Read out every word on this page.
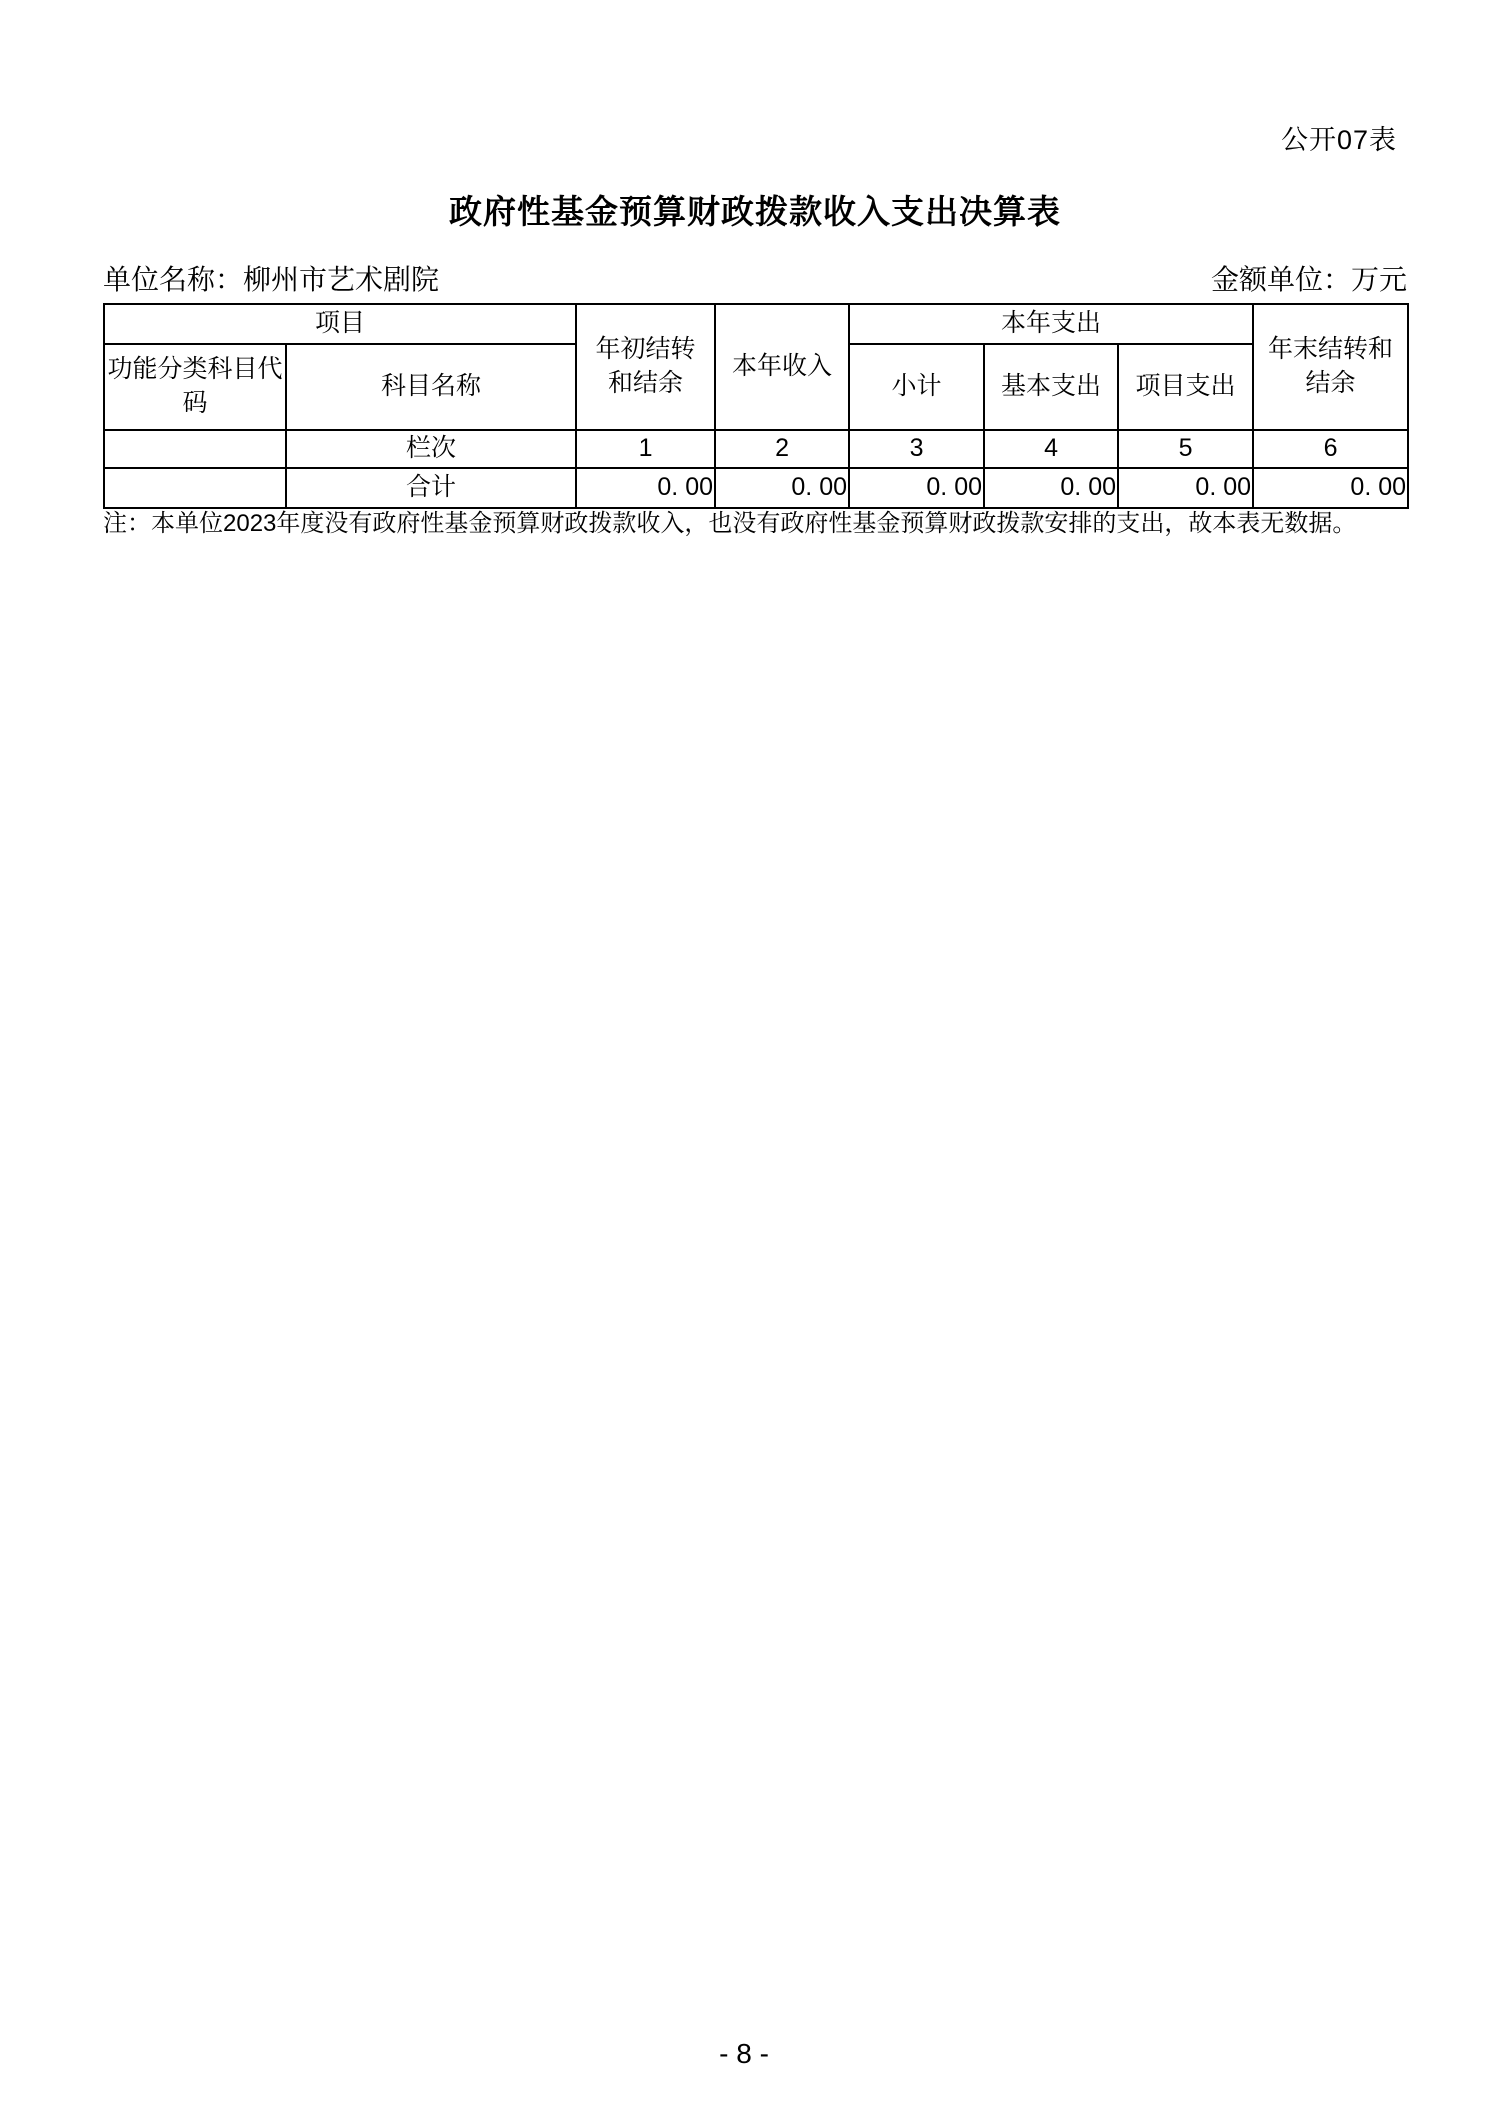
公开07表
政府性基金预算财政拨款收入支出决算表
单位名称：柳州市艺术剧院	金额单位：万元
项目		年初结转和结余	本年收入	本年支出			年末结转和结余
功能分类科目代码	科目名称			小计	基本支出	项目支出	
	栏次	1	2	3	4	5	6
	合计	0. 00	0. 00	0. 00	0. 00	0. 00	0. 00
注：本单位2023年度没有政府性基金预算财政拨款收入，也没有政府性基金预算财政拨款安排的支出，故本表无数据。
- 8 -
